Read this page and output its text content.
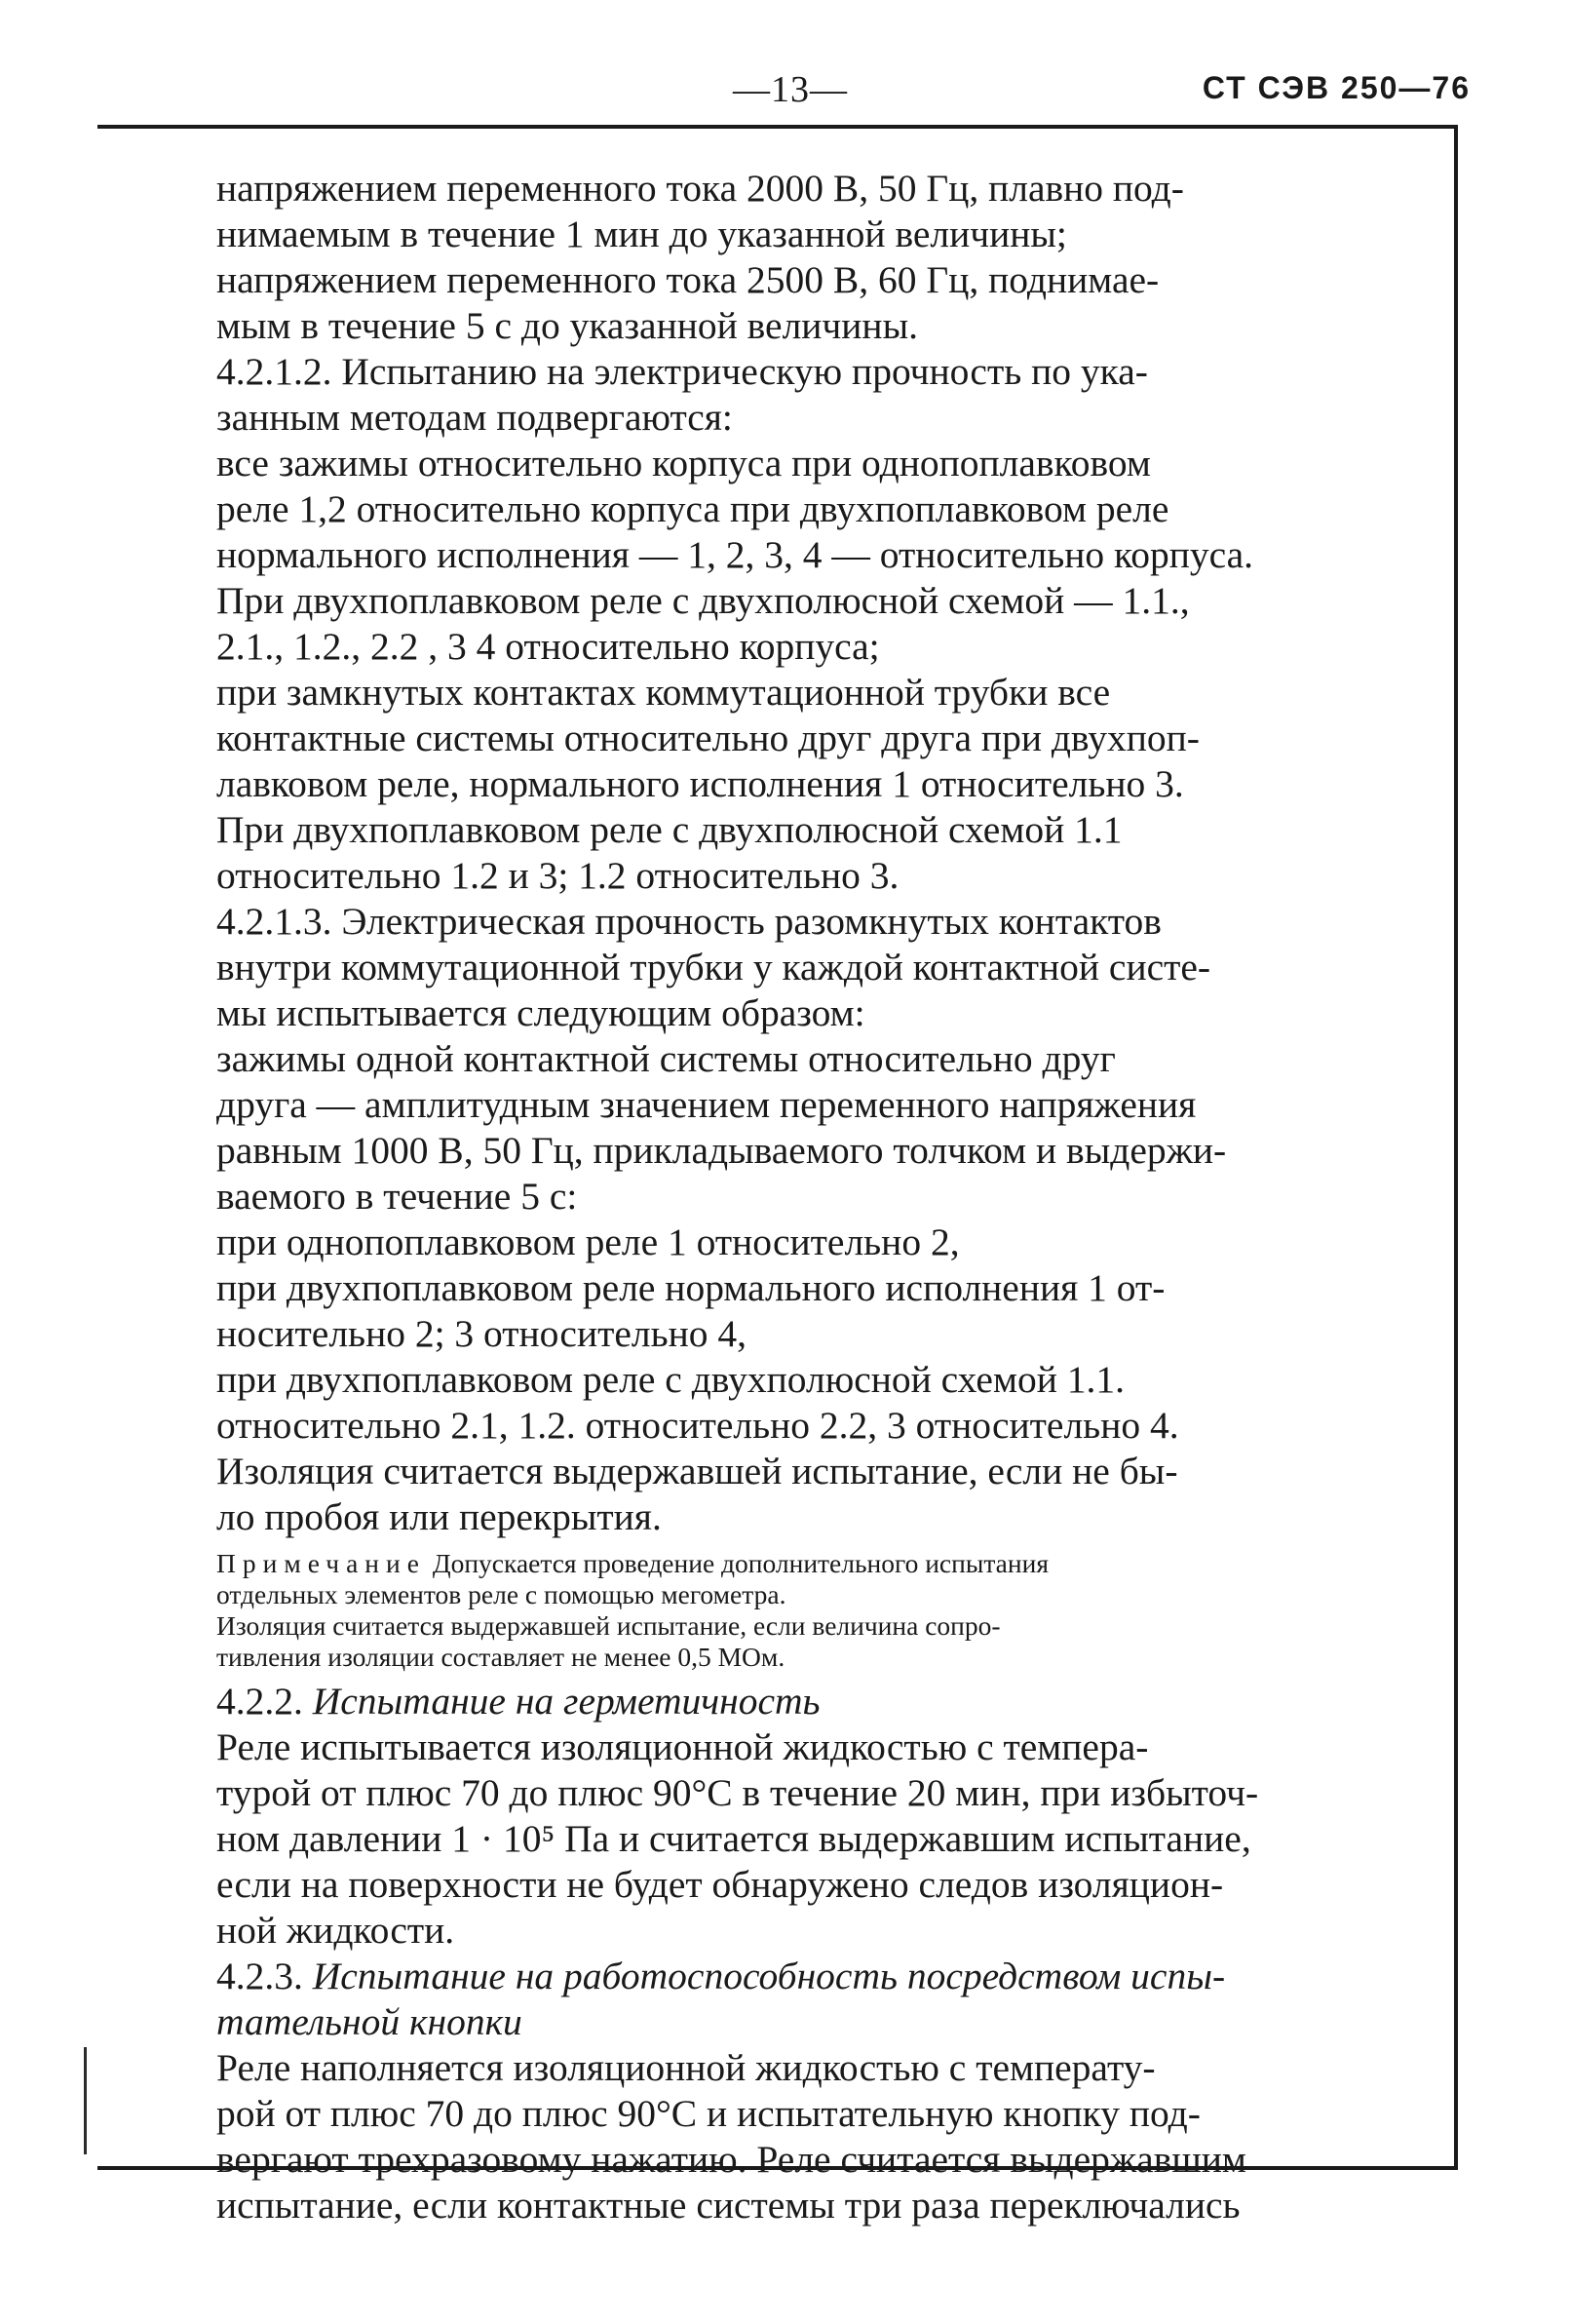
—13—	СТ СЭВ 250—76

напряжением переменного тока 2000 В, 50 Гц, плавно под-
нимаемым в течение 1 мин до указанной величины;

напряжением переменного тока 2500 В, 60 Гц, поднимае-
мым в течение 5 с до указанной величины.

4.2.1.2. Испытанию на электрическую прочность по ука-
занным методам подвергаются:

все зажимы относительно корпуса при однопоплавковом
реле 1,2 относительно корпуса при двухпоплавковом реле
нормального исполнения — 1, 2, 3, 4 — относительно корпуса.

При двухпоплавковом реле с двухполюсной схемой — 1.1.,
2.1., 1.2., 2.2 , 3 4 относительно корпуса;

при замкнутых контактах коммутационной трубки все
контактные системы относительно друг друга при двухпоп-
лавковом реле, нормального исполнения 1 относительно 3.

При двухпоплавковом реле с двухполюсной схемой 1.1
относительно 1.2 и 3; 1.2 относительно 3.

4.2.1.3. Электрическая прочность разомкнутых контактов
внутри коммутационной трубки у каждой контактной систе-
мы испытывается следующим образом:

зажимы одной контактной системы относительно друг
друга — амплитудным значением переменного напряжения
равным 1000 В, 50 Гц, прикладываемого толчком и выдержи-
ваемого в течение 5 с:

при однопоплавковом реле 1 относительно 2,

при двухпоплавковом реле нормального исполнения 1 от-
носительно 2; 3 относительно 4,

при двухпоплавковом реле с двухполюсной схемой 1.1.
относительно 2.1, 1.2. относительно 2.2, 3 относительно 4.

Изоляция считается выдержавшей испытание, если не бы-
ло пробоя или перекрытия.

Примечание Допускается проведение дополнительного испытания
отдельных элементов реле с помощью мегометра.
Изоляция считается выдержавшей испытание, если величина сопро-
тивления изоляции составляет не менее 0,5 МОм.

4.2.2. Испытание на герметичность

Реле испытывается изоляционной жидкостью с темпера-
турой от плюс 70 до плюс 90°С в течение 20 мин, при избыточ-
ном давлении 1 · 10⁵ Па и считается выдержавшим испытание,
если на поверхности не будет обнаружено следов изоляцион-
ной жидкости.

4.2.3. Испытание на работоспособность посредством испы-
тательной кнопки

Реле наполняется изоляционной жидкостью с температу-
рой от плюс 70 до плюс 90°С и испытательную кнопку под-
вергают трехразовому нажатию. Реле считается выдержавшим
испытание, если контактные системы три раза переключались
